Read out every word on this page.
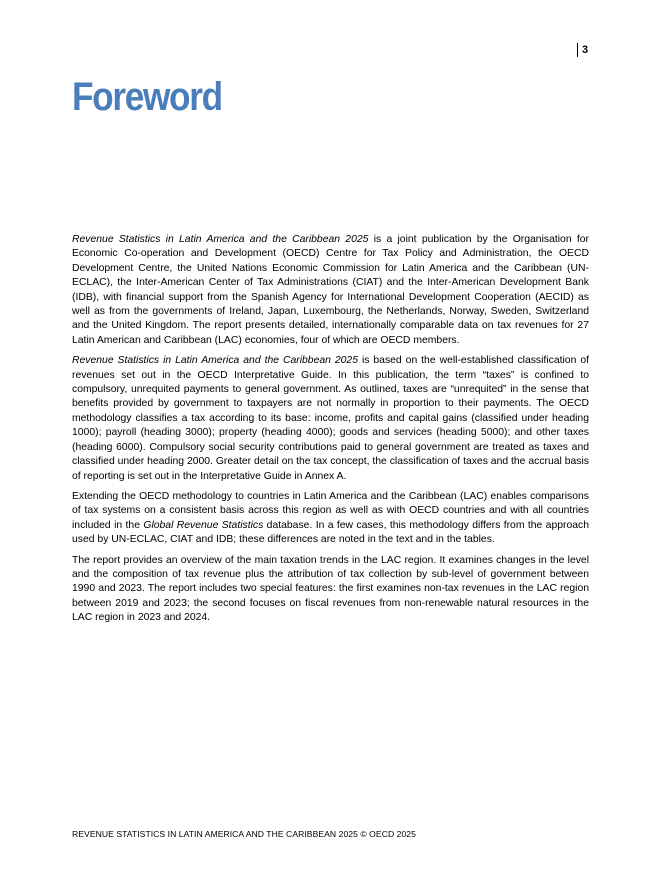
3
Foreword

Revenue Statistics in Latin America and the Caribbean 2025 is a joint publication by the Organisation for Economic Co-operation and Development (OECD) Centre for Tax Policy and Administration, the OECD Development Centre, the United Nations Economic Commission for Latin America and the Caribbean (UN-ECLAC), the Inter-American Center of Tax Administrations (CIAT) and the Inter-American Development Bank (IDB), with financial support from the Spanish Agency for International Development Cooperation (AECID) as well as from the governments of Ireland, Japan, Luxembourg, the Netherlands, Norway, Sweden, Switzerland and the United Kingdom. The report presents detailed, internationally comparable data on tax revenues for 27 Latin American and Caribbean (LAC) economies, four of which are OECD members.

Revenue Statistics in Latin America and the Caribbean 2025 is based on the well-established classification of revenues set out in the OECD Interpretative Guide. In this publication, the term “taxes” is confined to compulsory, unrequited payments to general government. As outlined, taxes are “unrequited” in the sense that benefits provided by government to taxpayers are not normally in proportion to their payments. The OECD methodology classifies a tax according to its base: income, profits and capital gains (classified under heading 1000); payroll (heading 3000); property (heading 4000); goods and services (heading 5000); and other taxes (heading 6000). Compulsory social security contributions paid to general government are treated as taxes and classified under heading 2000. Greater detail on the tax concept, the classification of taxes and the accrual basis of reporting is set out in the Interpretative Guide in Annex A.

Extending the OECD methodology to countries in Latin America and the Caribbean (LAC) enables comparisons of tax systems on a consistent basis across this region as well as with OECD countries and with all countries included in the Global Revenue Statistics database. In a few cases, this methodology differs from the approach used by UN-ECLAC, CIAT and IDB; these differences are noted in the text and in the tables.

The report provides an overview of the main taxation trends in the LAC region. It examines changes in the level and the composition of tax revenue plus the attribution of tax collection by sub-level of government between 1990 and 2023. The report includes two special features: the first examines non-tax revenues in the LAC region between 2019 and 2023; the second focuses on fiscal revenues from non-renewable natural resources in the LAC region in 2023 and 2024.

REVENUE STATISTICS IN LATIN AMERICA AND THE CARIBBEAN 2025 © OECD 2025
